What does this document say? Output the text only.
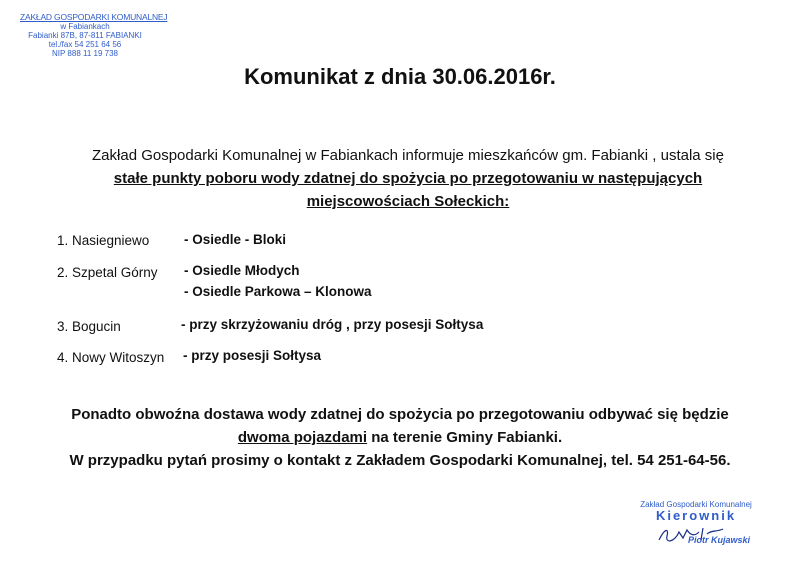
ZAKŁAD GOSPODARKI KOMUNALNEJ
w Fabiankach
Fabianki 87B, 87-811 FABIANKI
tel./fax 54 251 64 56
NIP 888 11 19 738
Komunikat z dnia 30.06.2016r.
Zakład Gospodarki Komunalnej w Fabiankach informuje mieszkańców gm. Fabianki , ustala się
stałe punkty poboru wody zdatnej do spożycia po przegotowaniu w następujących
miejscowościach Sołeckich:
1. Nasiegniewo	- Osiedle - Bloki
2. Szpetal Górny - Osiedle Młodych
- Osiedle Parkowa – Klonowa
3. Bogucin	- przy skrzyżowaniu dróg , przy posesji Sołtysa
4. Nowy Witoszyn - przy posesji Sołtysa
Ponadto obwoźna dostawa wody zdatnej do spożycia po przegotowaniu odbywać się będzie
dwoma pojazdami na terenie Gminy Fabianki.
W przypadku pytań prosimy o kontakt z Zakładem Gospodarki Komunalnej, tel. 54 251-64-56.
Zakład Gospodarki Komunalnej
Kierownik
Piotr Kujawski
